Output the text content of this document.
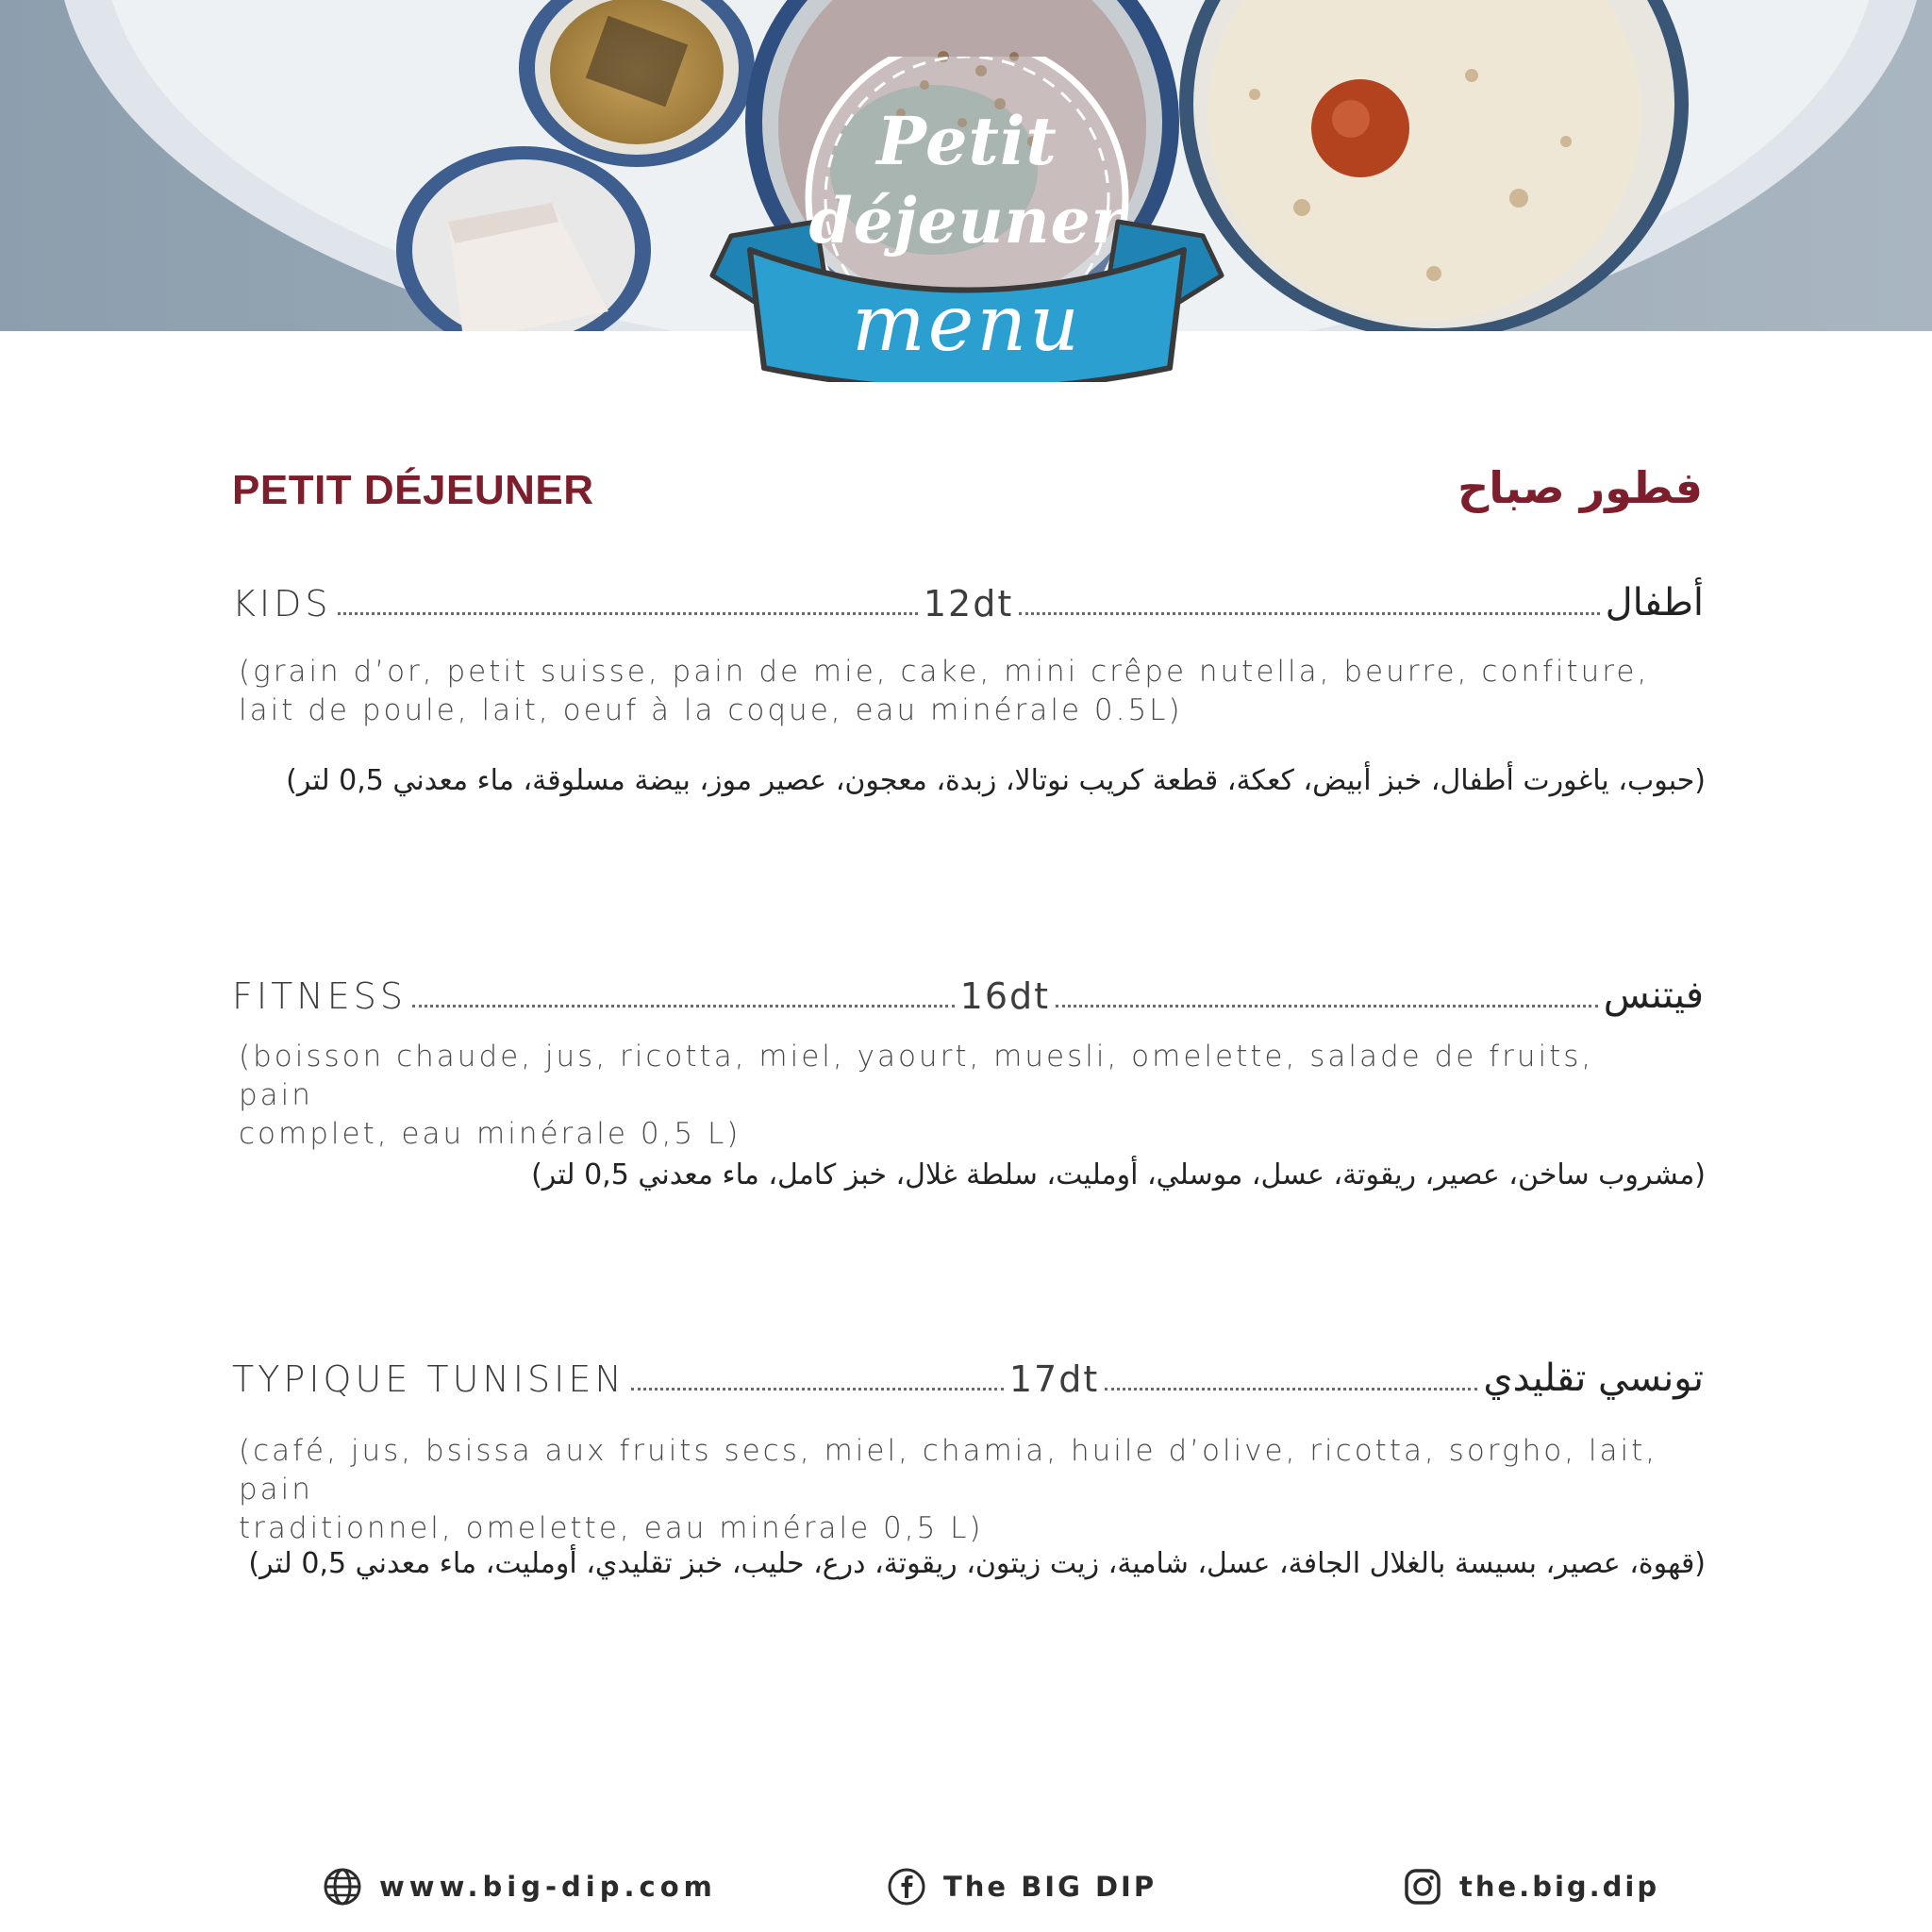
Petit
déjeuner
menu
PETIT DÉJEUNER	فطور صباح
KIDS	12dt	أطفال
(grain d’or, petit suisse, pain de mie, cake, mini crêpe nutella, beurre, confiture,
lait de poule, lait, oeuf à la coque, eau minérale 0.5L)
(حبوب، ياغورت أطفال، خبز أبيض، كعكة، قطعة كريب نوتالا، زبدة، معجون، عصير موز، بيضة مسلوقة، ماء معدني 0,5 لتر)
FITNESS	16dt	فيتنس
(boisson chaude, jus, ricotta, miel, yaourt, muesli, omelette, salade de fruits, pain
complet, eau minérale 0,5 L)
(مشروب ساخن، عصير، ريقوتة، عسل، موسلي، أومليت، سلطة غلال، خبز كامل، ماء معدني 0,5 لتر)
TYPIQUE TUNISIEN	17dt	تونسي تقليدي
(café, jus, bsissa aux fruits secs, miel, chamia, huile d’olive, ricotta, sorgho, lait, pain
traditionnel, omelette, eau minérale 0,5 L)
(قهوة، عصير، بسيسة بالغلال الجافة، عسل، شامية، زيت زيتون، ريقوتة، درع، حليب، خبز تقليدي، أومليت، ماء معدني 0,5 لتر)
www.big-dip.com	The BIG DIP	the.big.dip
